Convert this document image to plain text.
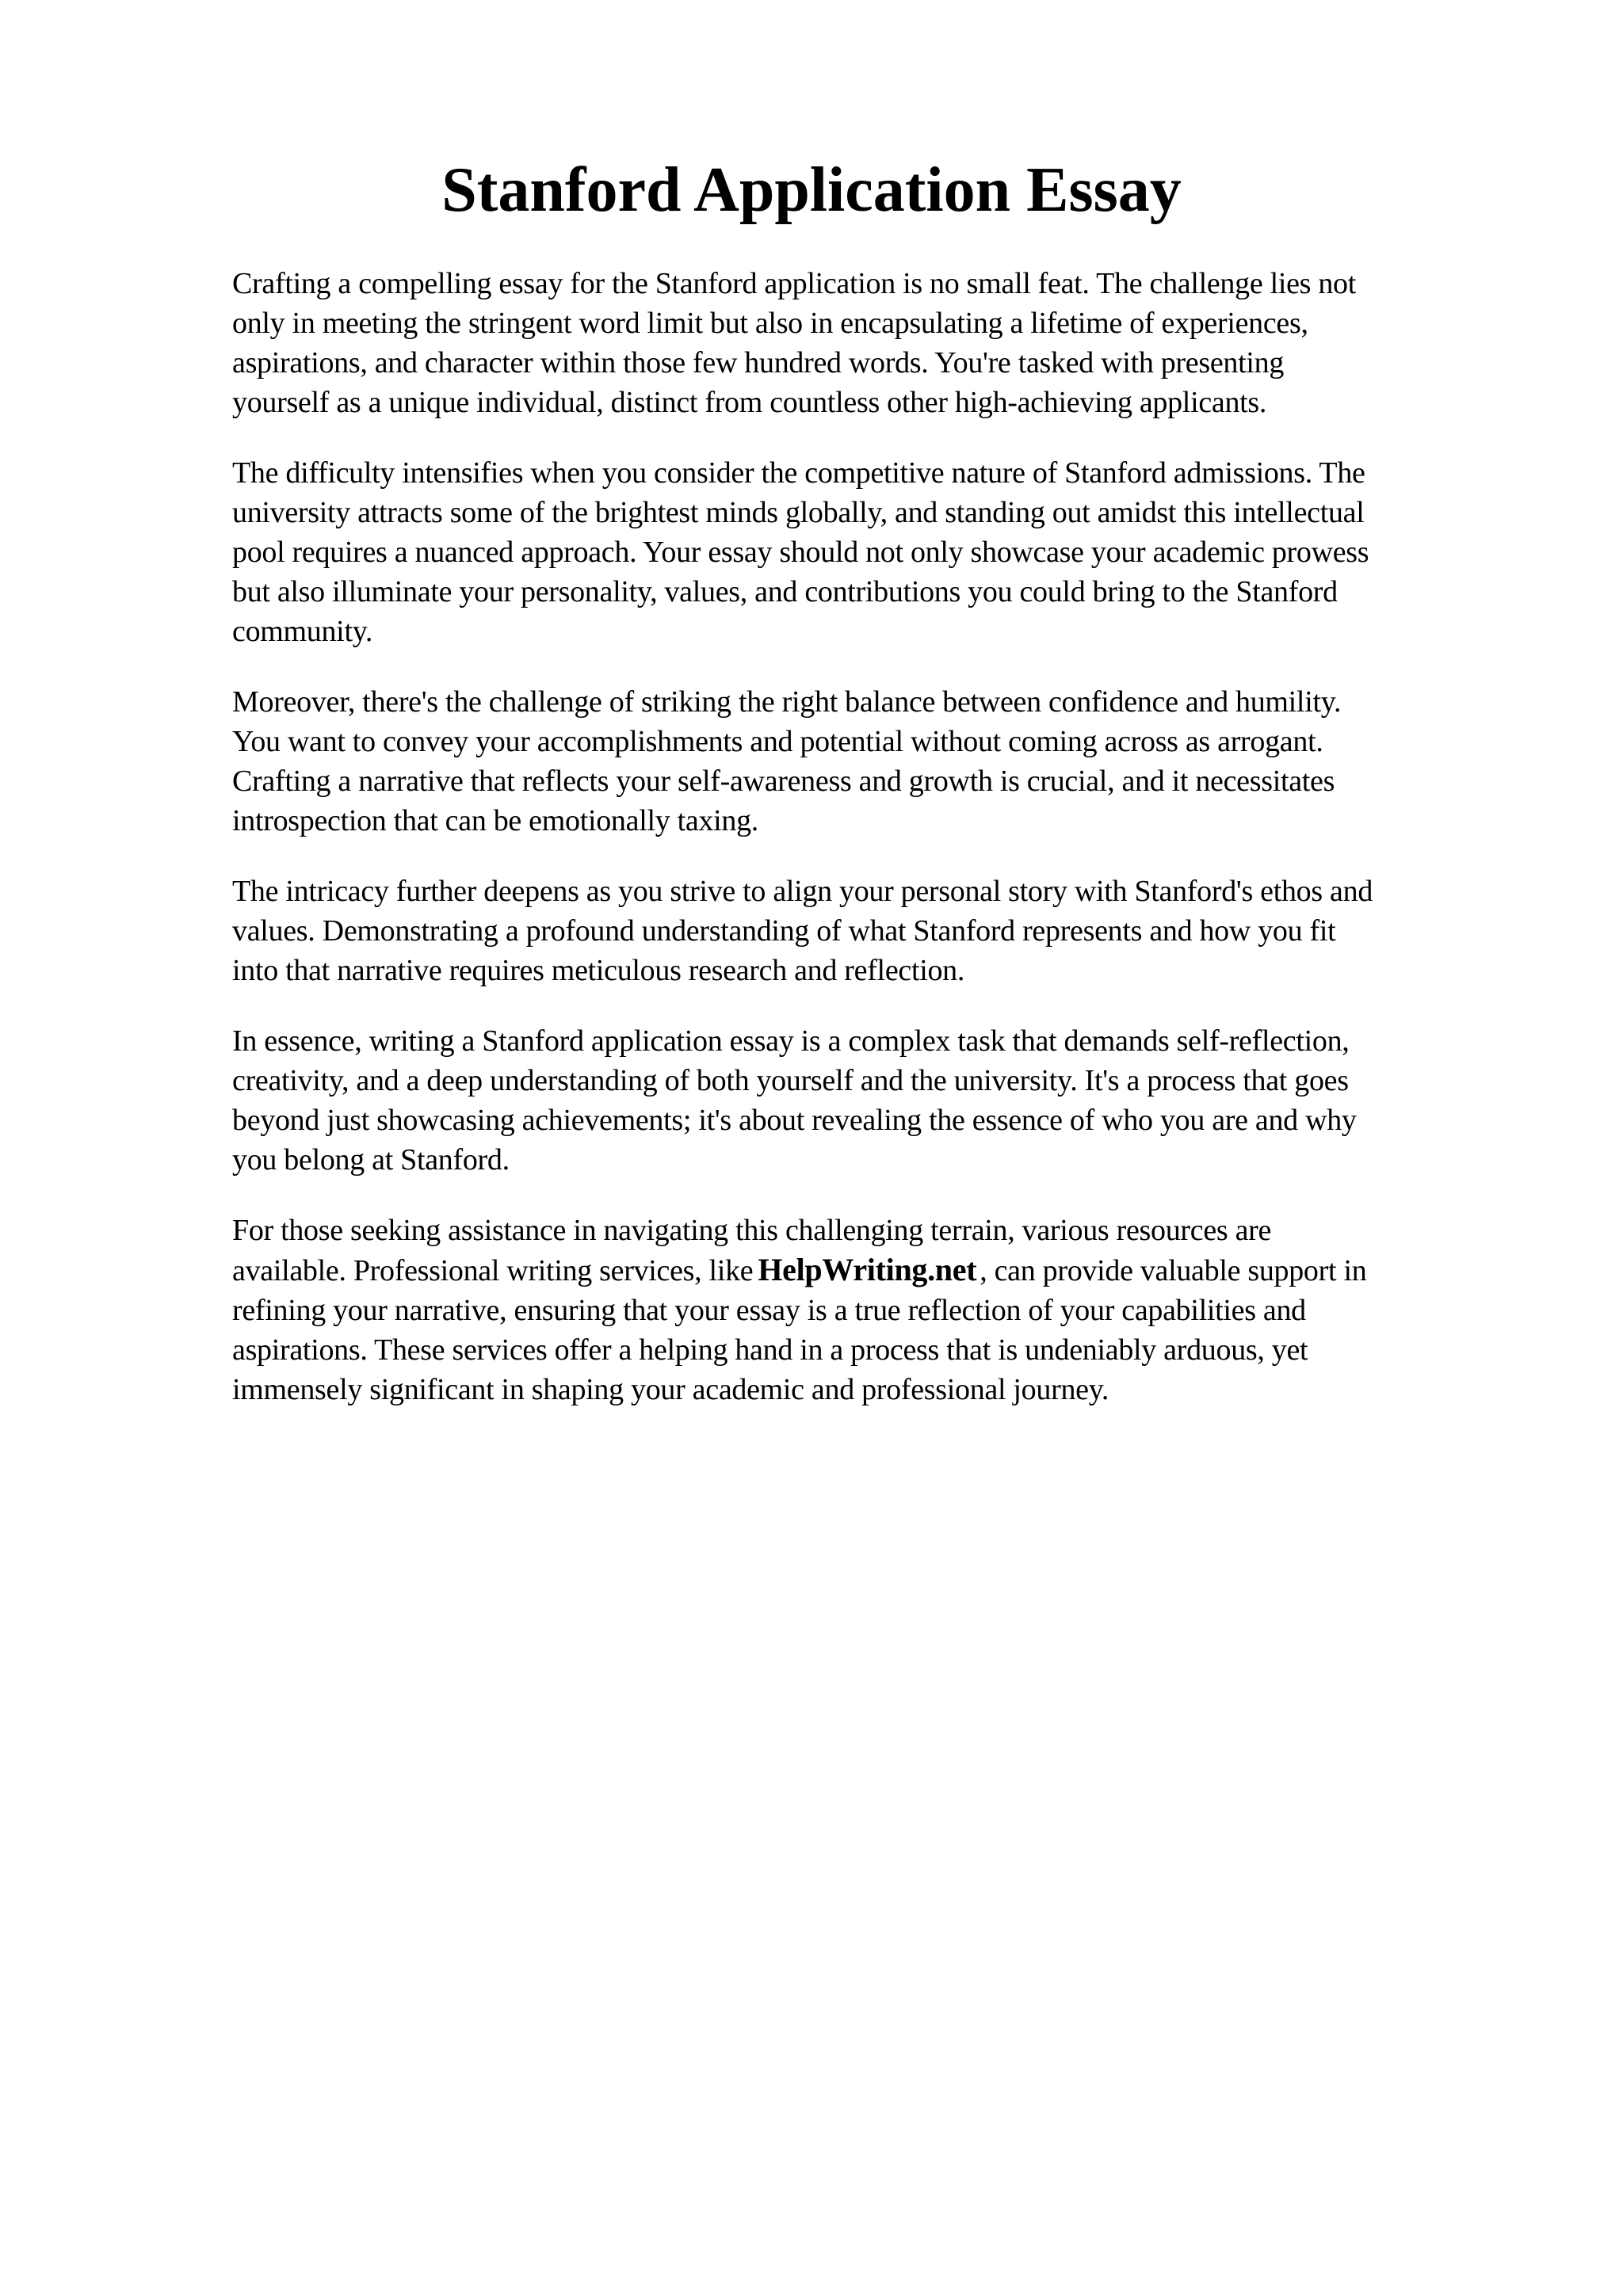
Stanford Application Essay

Crafting a compelling essay for the Stanford application is no small feat. The challenge lies not
only in meeting the stringent word limit but also in encapsulating a lifetime of experiences,
aspirations, and character within those few hundred words. You're tasked with presenting
yourself as a unique individual, distinct from countless other high-achieving applicants.

The difficulty intensifies when you consider the competitive nature of Stanford admissions. The
university attracts some of the brightest minds globally, and standing out amidst this intellectual
pool requires a nuanced approach. Your essay should not only showcase your academic prowess
but also illuminate your personality, values, and contributions you could bring to the Stanford
community.

Moreover, there's the challenge of striking the right balance between confidence and humility.
You want to convey your accomplishments and potential without coming across as arrogant.
Crafting a narrative that reflects your self-awareness and growth is crucial, and it necessitates
introspection that can be emotionally taxing.

The intricacy further deepens as you strive to align your personal story with Stanford's ethos and
values. Demonstrating a profound understanding of what Stanford represents and how you fit
into that narrative requires meticulous research and reflection.

In essence, writing a Stanford application essay is a complex task that demands self-reflection,
creativity, and a deep understanding of both yourself and the university. It's a process that goes
beyond just showcasing achievements; it's about revealing the essence of who you are and why
you belong at Stanford.

For those seeking assistance in navigating this challenging terrain, various resources are
available. Professional writing services, like HelpWriting.net , can provide valuable support in
refining your narrative, ensuring that your essay is a true reflection of your capabilities and
aspirations. These services offer a helping hand in a process that is undeniably arduous, yet
immensely significant in shaping your academic and professional journey.
